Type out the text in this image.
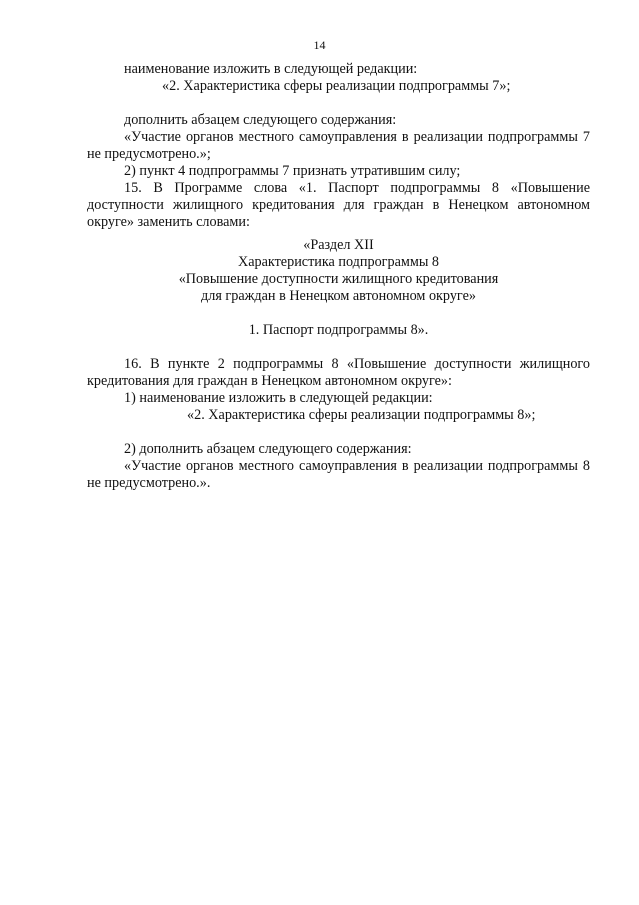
14

наименование изложить в следующей редакции:

«2. Характеристика сферы реализации подпрограммы 7»;

дополнить абзацем следующего содержания:

«Участие органов местного самоуправления в реализации подпрограммы 7 не предусмотрено.»;

2) пункт 4 подпрограммы 7 признать утратившим силу;

15. В Программе слова «1. Паспорт подпрограммы 8 «Повышение доступности жилищного кредитования для граждан в Ненецком автономном округе» заменить словами:

«Раздел XII

Характеристика подпрограммы 8

«Повышение доступности жилищного кредитования

для граждан в Ненецком автономном округе»

1. Паспорт подпрограммы 8».

16. В пункте 2 подпрограммы 8 «Повышение доступности жилищного кредитования для граждан в Ненецком автономном округе»:

1) наименование изложить в следующей редакции:

«2. Характеристика сферы реализации подпрограммы 8»;

2) дополнить абзацем следующего содержания:

«Участие органов местного самоуправления в реализации подпрограммы 8 не предусмотрено.».
